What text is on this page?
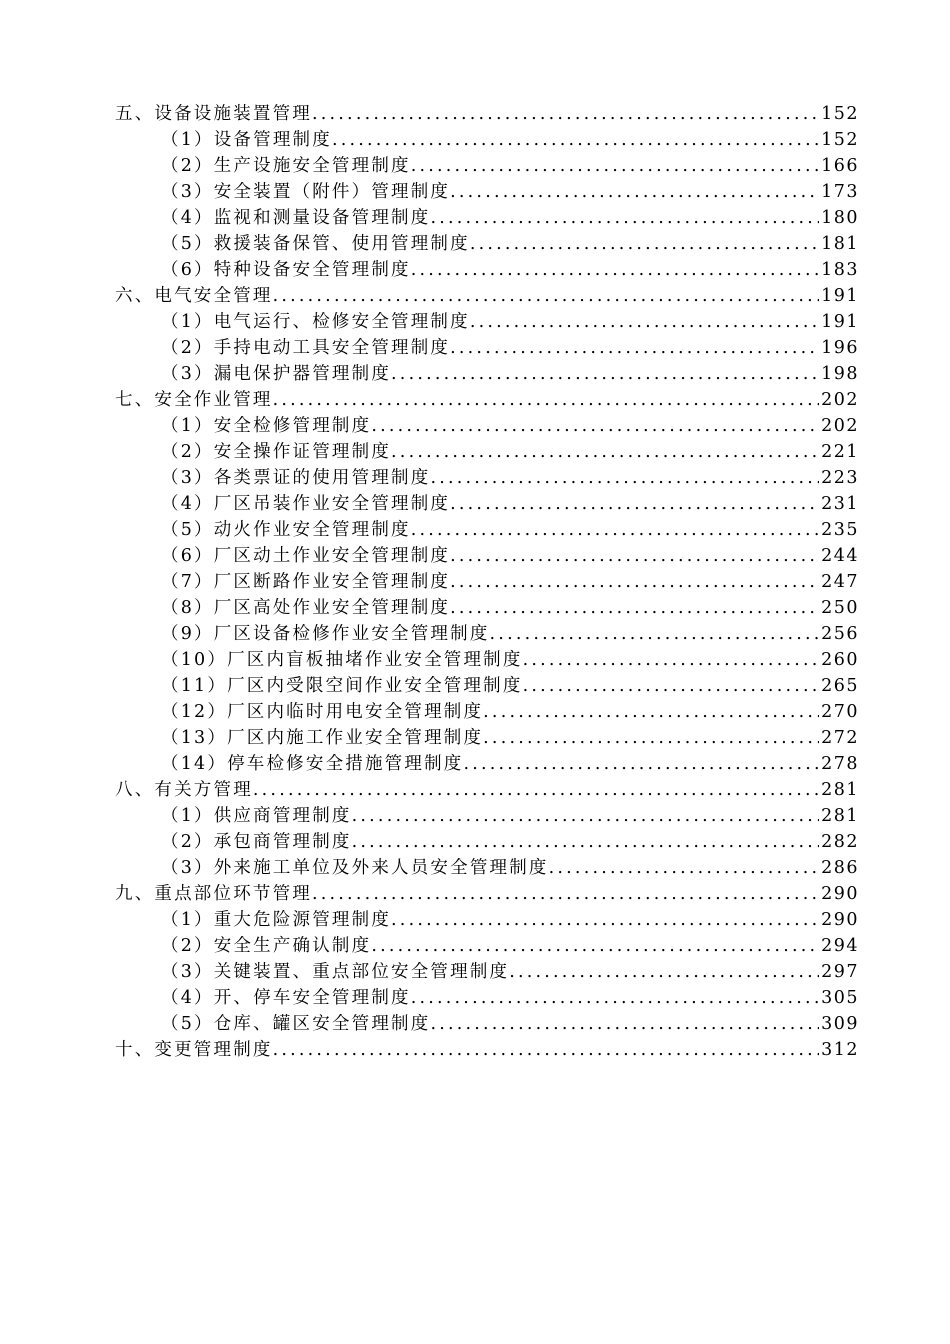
五、设备设施装置管理 .....	152
（1）设备管理制度 .....	152
（2）生产设施安全管理制度 .....	166
（3）安全装置（附件）管理制度 .....	173
（4）监视和测量设备管理制度 .....	180
（5）救援装备保管、使用管理制度 .....	181
（6）特种设备安全管理制度 .....	183
六、电气安全管理 .....	191
（1）电气运行、检修安全管理制度 .....	191
（2）手持电动工具安全管理制度 .....	196
（3）漏电保护器管理制度 .....	198
七、安全作业管理 .....	202
（1）安全检修管理制度 .....	202
（2）安全操作证管理制度 .....	221
（3）各类票证的使用管理制度 .....	223
（4）厂区吊装作业安全管理制度 .....	231
（5）动火作业安全管理制度 .....	235
（6）厂区动土作业安全管理制度 .....	244
（7）厂区断路作业安全管理制度 .....	247
（8）厂区高处作业安全管理制度 .....	250
（9）厂区设备检修作业安全管理制度 .....	256
（10）厂区内盲板抽堵作业安全管理制度 .....	260
（11）厂区内受限空间作业安全管理制度 .....	265
（12）厂区内临时用电安全管理制度 .....	270
（13）厂区内施工作业安全管理制度 .....	272
（14）停车检修安全措施管理制度 .....	278
八、有关方管理 .....	281
（1）供应商管理制度 .....	281
（2）承包商管理制度 .....	282
（3）外来施工单位及外来人员安全管理制度 .....	286
九、重点部位环节管理 .....	290
（1）重大危险源管理制度 .....	290
（2）安全生产确认制度 .....	294
（3）关键装置、重点部位安全管理制度 .....	297
（4）开、停车安全管理制度 .....	305
（5）仓库、罐区安全管理制度 .....	309
十、变更管理制度 .....	312
